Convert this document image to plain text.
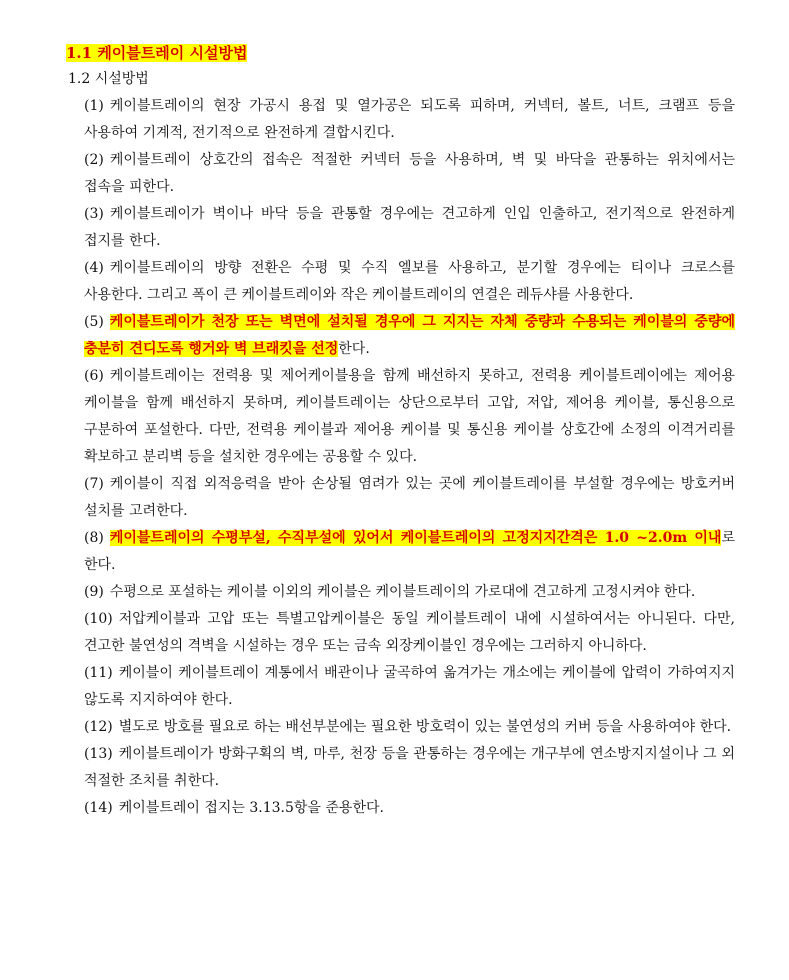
1.1 케이블트레이 시설방법
1.2 시설방법
(1) 케이블트레이의 현장 가공시 용접 및 열가공은 되도록 피하며, 커넥터, 볼트, 너트, 크램프 등을 사용하여 기계적, 전기적으로 완전하게 결합시킨다.
(2) 케이블트레이 상호간의 접속은 적절한 커넥터 등을 사용하며, 벽 및 바닥을 관통하는 위치에서는 접속을 피한다.
(3) 케이블트레이가 벽이나 바닥 등을 관통할 경우에는 견고하게 인입 인출하고, 전기적으로 완전하게 접지를 한다.
(4) 케이블트레이의 방향 전환은 수평 및 수직 엘보를 사용하고, 분기할 경우에는 티이나 크로스를 사용한다. 그리고 폭이 큰 케이블트레이와 작은 케이블트레이의 연결은 레듀샤를 사용한다.
(5) 케이블트레이가 천장 또는 벽면에 설치될 경우에 그 지지는 자체 중량과 수용되는 케이블의 중량에 충분히 견디도록 행거와 벽 브래킷을 선정한다.
(6) 케이블트레이는 전력용 및 제어케이블용을 함께 배선하지 못하고, 전력용 케이블트레이에는 제어용 케이블을 함께 배선하지 못하며, 케이블트레이는 상단으로부터 고압, 저압, 제어용 케이블, 통신용으로 구분하여 포설한다. 다만, 전력용 케이블과 제어용 케이블 및 통신용 케이블 상호간에 소정의 이격거리를 확보하고 분리벽 등을 설치한 경우에는 공용할 수 있다.
(7) 케이블이 직접 외적응력을 받아 손상될 염려가 있는 곳에 케이블트레이를 부설할 경우에는 방호커버 설치를 고려한다.
(8) 케이블트레이의 수평부설, 수직부설에 있어서 케이블트레이의 고정지지간격은 1.0 ~2.0m 이내로 한다.
(9) 수평으로 포설하는 케이블 이외의 케이블은 케이블트레이의 가로대에 견고하게 고정시켜야 한다.
(10) 저압케이블과 고압 또는 특별고압케이블은 동일 케이블트레이 내에 시설하여서는 아니된다. 다만, 견고한 불연성의 격벽을 시설하는 경우 또는 금속 외장케이블인 경우에는 그러하지 아니하다.
(11) 케이블이 케이블트레이 계통에서 배관이나 굴곡하여 옮겨가는 개소에는 케이블에 압력이 가하여지지 않도록 지지하여야 한다.
(12) 별도로 방호를 필요로 하는 배선부분에는 필요한 방호력이 있는 불연성의 커버 등을 사용하여야 한다.
(13) 케이블트레이가 방화구획의 벽, 마루, 천장 등을 관통하는 경우에는 개구부에 연소방지지설이나 그 외 적절한 조치를 취한다.
(14) 케이블트레이 접지는 3.13.5항을 준용한다.
